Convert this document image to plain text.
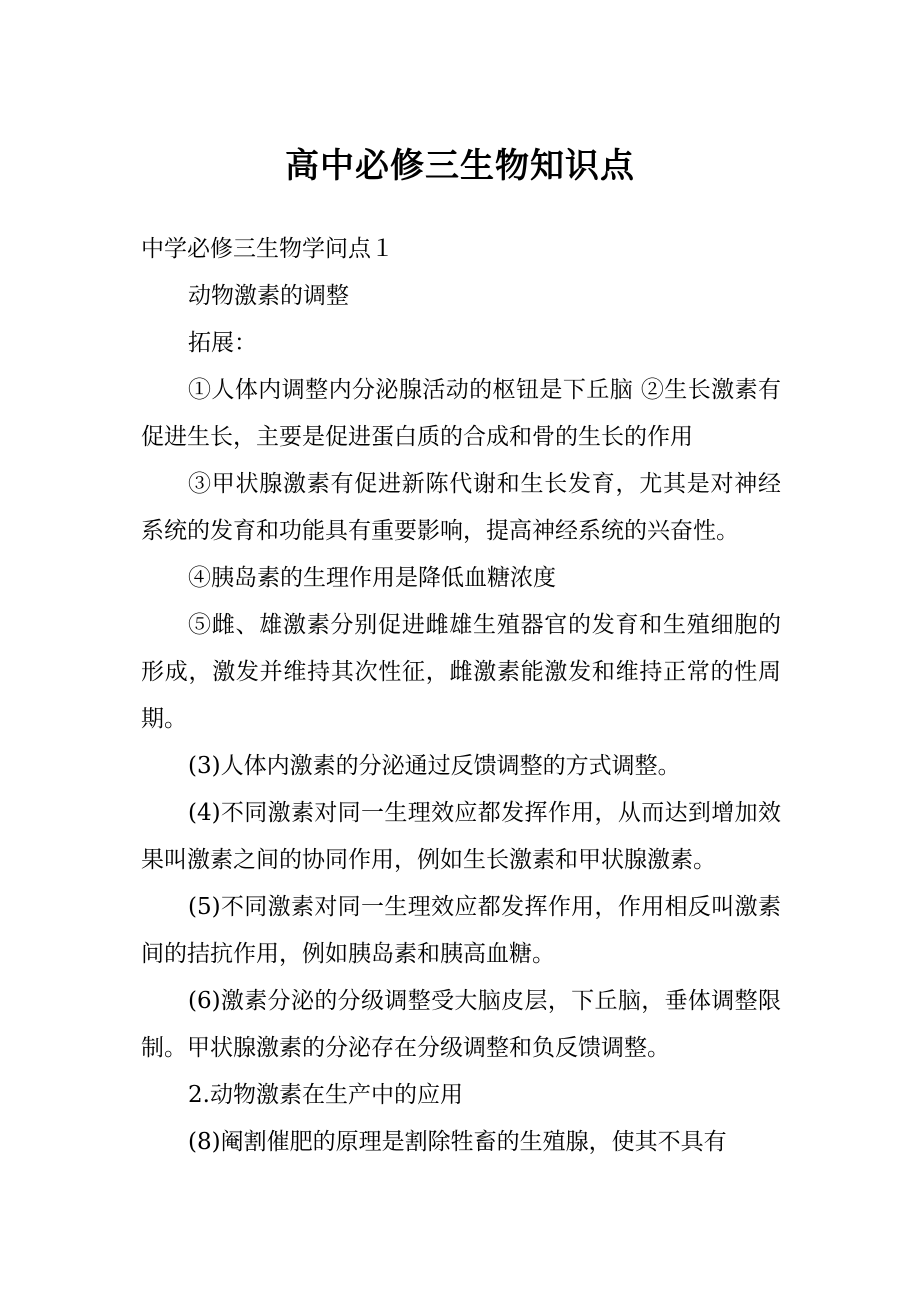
高中必修三生物知识点

中学必修三生物学问点１

动物激素的调整

拓展：

①人体内调整内分泌腺活动的枢钮是下丘脑 ②生长激素有促进生长，主要是促进蛋白质的合成和骨的生长的作用

③甲状腺激素有促进新陈代谢和生长发育，尤其是对神经系统的发育和功能具有重要影响，提高神经系统的兴奋性。

④胰岛素的生理作用是降低血糖浓度

⑤雌、雄激素分别促进雌雄生殖器官的发育和生殖细胞的形成，激发并维持其次性征，雌激素能激发和维持正常的性周期。

(3)人体内激素的分泌通过反馈调整的方式调整。

(4)不同激素对同一生理效应都发挥作用，从而达到增加效果叫激素之间的协同作用，例如生长激素和甲状腺激素。

(5)不同激素对同一生理效应都发挥作用，作用相反叫激素间的拮抗作用，例如胰岛素和胰高血糖。

(6)激素分泌的分级调整受大脑皮层，下丘脑，垂体调整限制。甲状腺激素的分泌存在分级调整和负反馈调整。

2.动物激素在生产中的应用

(8)阉割催肥的原理是割除牲畜的生殖腺，使其不具有
